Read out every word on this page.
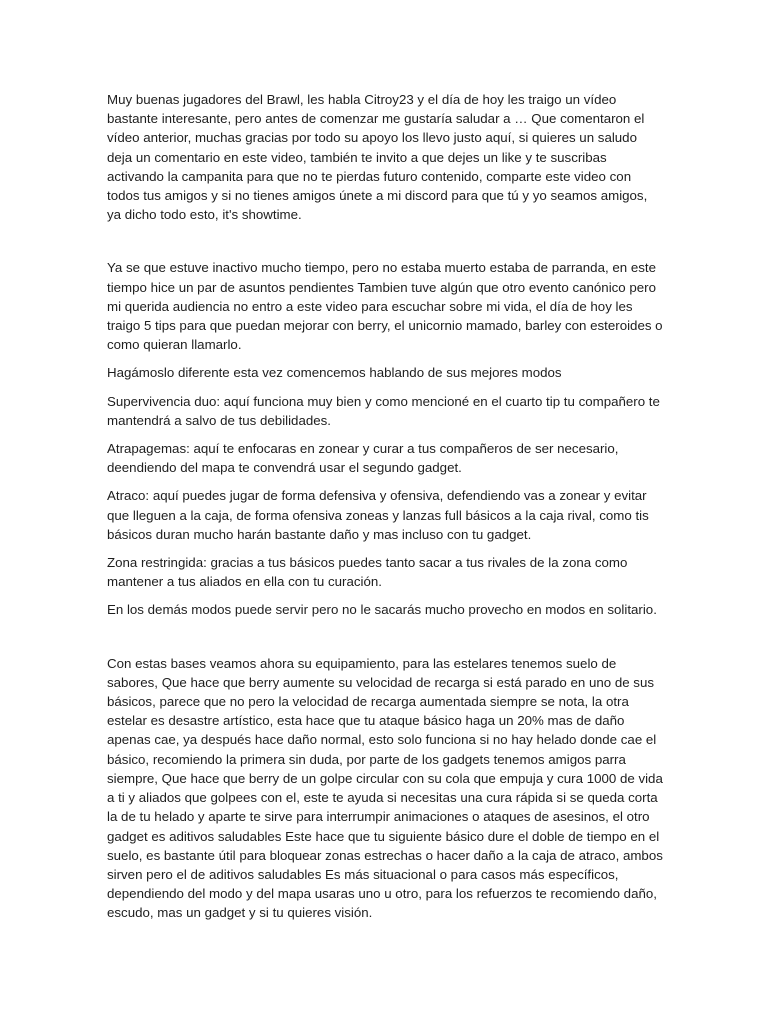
Muy buenas jugadores del Brawl, les habla Citroy23 y el día de hoy les traigo un vídeo bastante interesante, pero antes de comenzar me gustaría saludar a … Que comentaron el vídeo anterior, muchas gracias por todo su apoyo los llevo justo aquí, si quieres un saludo deja un comentario en este video, también te invito a que dejes un like y te suscribas activando la campanita para que no te pierdas futuro contenido, comparte este video con todos tus amigos y si no tienes amigos únete a mi discord para que tú y yo seamos amigos, ya dicho todo esto, it's showtime.

Ya se que estuve inactivo mucho tiempo, pero no estaba muerto estaba de parranda, en este tiempo hice un par de asuntos pendientes Tambien tuve algún que otro evento canónico pero mi querida audiencia no entro a este video para escuchar sobre mi vida, el día de hoy les traigo 5 tips para que puedan mejorar con berry, el unicornio mamado, barley con esteroides o como quieran llamarlo.

Hagámoslo diferente esta vez comencemos hablando de sus mejores modos

Supervivencia duo: aquí funciona muy bien y como mencioné en el cuarto tip tu compañero te mantendrá a salvo de tus debilidades.

Atrapagemas: aquí te enfocaras en zonear y curar a tus compañeros de ser necesario, deendiendo del mapa te convendrá usar el segundo gadget.

Atraco: aquí puedes jugar de forma defensiva y ofensiva, defendiendo vas a zonear y evitar que lleguen a la caja, de forma ofensiva zoneas y lanzas full básicos a la caja rival, como tis básicos duran mucho harán bastante daño y mas incluso con tu gadget.

Zona restringida: gracias a tus básicos puedes tanto sacar a tus rivales de la zona como mantener a tus aliados en ella con tu curación.

En los demás modos puede servir pero no le sacarás mucho provecho en modos en solitario.

Con estas bases veamos ahora su equipamiento, para las estelares tenemos suelo de sabores, Que hace que berry aumente su velocidad de recarga si está parado en uno de sus básicos, parece que no pero la velocidad de recarga aumentada siempre se nota, la otra estelar es desastre artístico, esta hace que tu ataque básico haga un 20% mas de daño apenas cae, ya después hace daño normal, esto solo funciona si no hay helado donde cae el básico, recomiendo la primera sin duda, por parte de los gadgets tenemos amigos parra siempre, Que hace que berry de un golpe circular con su cola que empuja y cura 1000 de vida a ti y aliados que golpees con el, este te ayuda si necesitas una cura rápida si se queda corta la de tu helado y aparte te sirve para interrumpir animaciones o ataques de asesinos, el otro gadget es aditivos saludables Este hace que tu siguiente básico dure el doble de tiempo en el suelo, es bastante útil para bloquear zonas estrechas o hacer daño a la caja de atraco, ambos sirven pero el de aditivos saludables Es más situacional o para casos más específicos, dependiendo del modo y del mapa usaras uno u otro, para los refuerzos te recomiendo daño, escudo, mas un gadget y si tu quieres visión.
